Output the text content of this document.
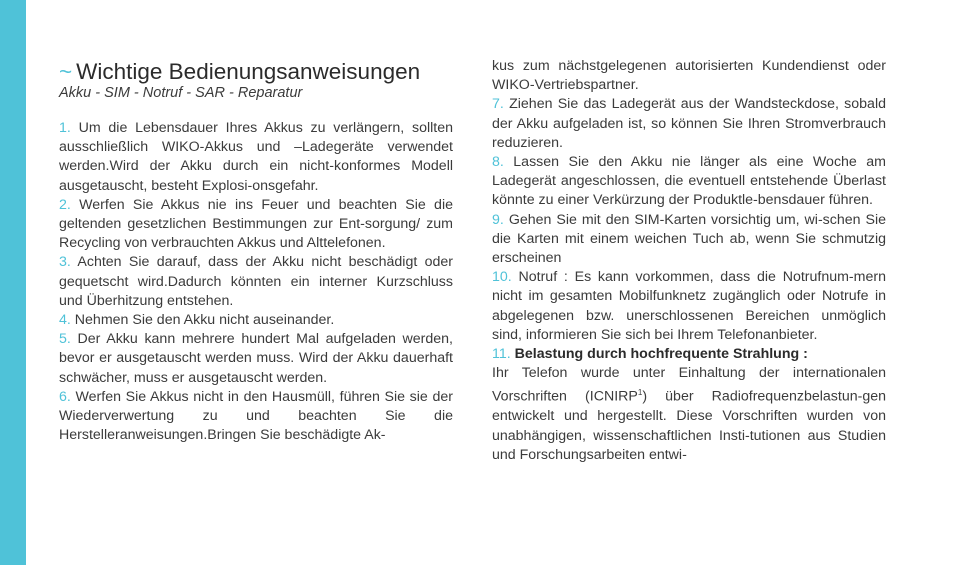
~ Wichtige Bedienungsanweisungen
Akku - SIM - Notruf - SAR - Reparatur

1. Um die Lebensdauer Ihres Akkus zu verlängern, sollten ausschließlich WIKO-Akkus und –Ladegeräte verwendet werden.Wird der Akku durch ein nicht-konformes Modell ausgetauscht, besteht Explosi-onsgefahr.

2. Werfen Sie Akkus nie ins Feuer und beachten Sie die geltenden gesetzlichen Bestimmungen zur Ent-sorgung/ zum Recycling von verbrauchten Akkus und Alttelefonen.

3. Achten Sie darauf, dass der Akku nicht beschädigt oder gequetscht wird.Dadurch könnten ein interner Kurzschluss und Überhitzung entstehen.

4. Nehmen Sie den Akku nicht auseinander.

5. Der Akku kann mehrere hundert Mal aufgeladen werden, bevor er ausgetauscht werden muss. Wird der Akku dauerhaft schwächer, muss er ausgetauscht werden.

6. Werfen Sie Akkus nicht in den Hausmüll, führen Sie sie der Wiederverwertung zu und beachten Sie die Herstelleranweisungen.Bringen Sie beschädigte Ak-

kus zum nächstgelegenen autorisierten Kundendienst oder WIKO-Vertriebspartner.

7. Ziehen Sie das Ladegerät aus der Wandsteckdose, sobald der Akku aufgeladen ist, so können Sie Ihren Stromverbrauch reduzieren.

8. Lassen Sie den Akku nie länger als eine Woche am Ladegerät angeschlossen, die eventuell entstehende Überlast könnte zu einer Verkürzung der Produktle-bensdauer führen.

9. Gehen Sie mit den SIM-Karten vorsichtig um, wi-schen Sie die Karten mit einem weichen Tuch ab, wenn Sie schmutzig erscheinen

10. Notruf : Es kann vorkommen, dass die Notrufnum-mern nicht im gesamten Mobilfunknetz zugänglich oder Notrufe in abgelegenen bzw. unerschlossenen Bereichen unmöglich sind, informieren Sie sich bei Ihrem Telefonanbieter.

11. Belastung durch hochfrequente Strahlung :

Ihr Telefon wurde unter Einhaltung der internationalen Vorschriften (ICNIRP$^1$) über Radiofrequenzbelastun-gen entwickelt und hergestellt. Diese Vorschriften wurden von unabhängigen, wissenschaftlichen Insti-tutionen aus Studien und Forschungsarbeiten entwi-
